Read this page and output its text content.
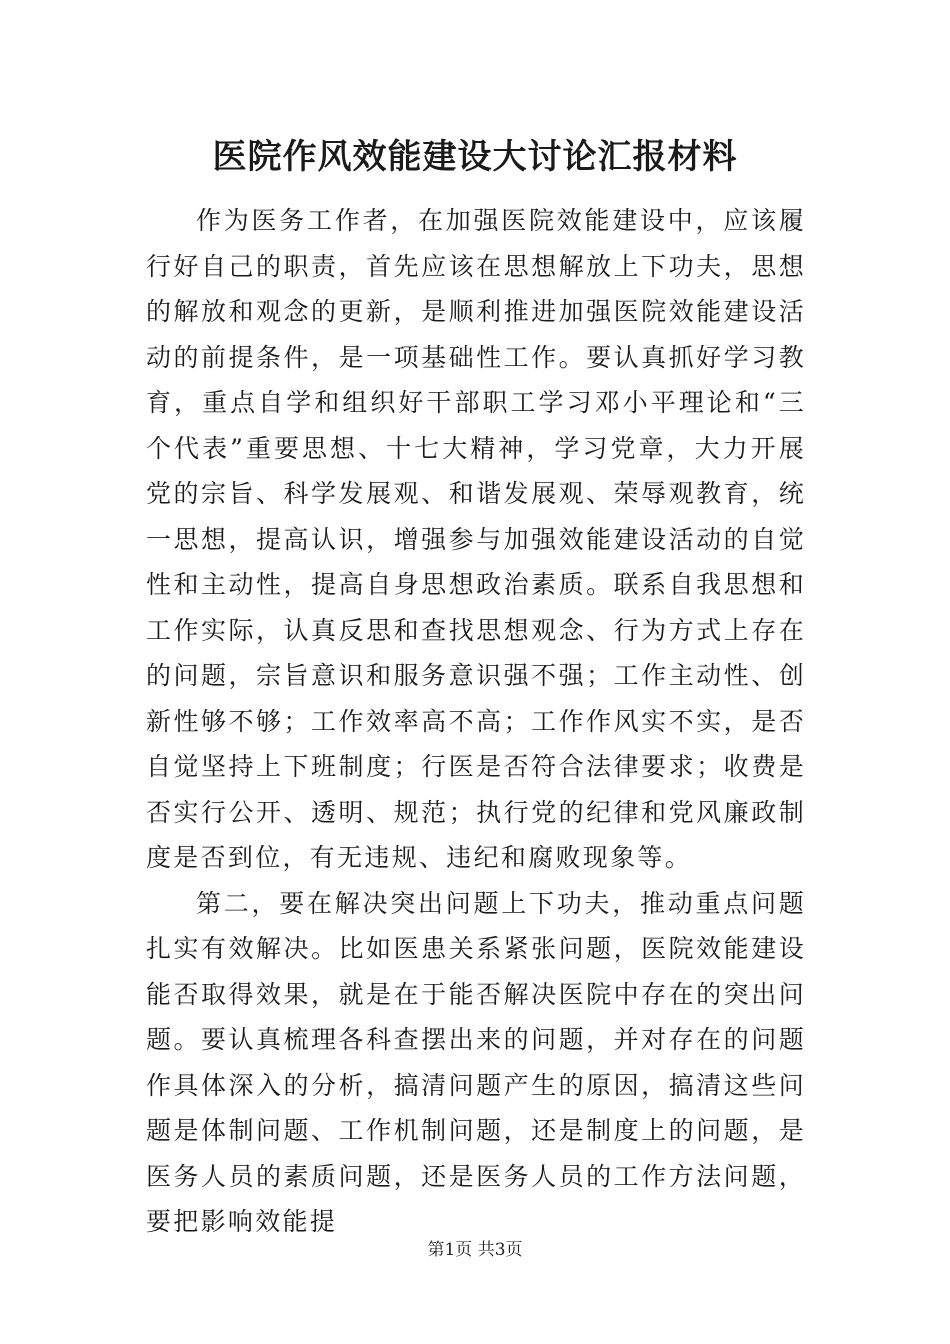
医院作风效能建设大讨论汇报材料

作为医务工作者，在加强医院效能建设中，应该履行好自己的职责，首先应该在思想解放上下功夫，思想的解放和观念的更新，是顺利推进加强医院效能建设活动的前提条件，是一项基础性工作。要认真抓好学习教育，重点自学和组织好干部职工学习邓小平理论和“三个代表”重要思想、十七大精神，学习党章，大力开展党的宗旨、科学发展观、和谐发展观、荣辱观教育，统一思想，提高认识，增强参与加强效能建设活动的自觉性和主动性，提高自身思想政治素质。联系自我思想和工作实际，认真反思和查找思想观念、行为方式上存在的问题，宗旨意识和服务意识强不强；工作主动性、创新性够不够；工作效率高不高；工作作风实不实，是否自觉坚持上下班制度；行医是否符合法律要求；收费是否实行公开、透明、规范；执行党的纪律和党风廉政制度是否到位，有无违规、违纪和腐败现象等。

第二，要在解决突出问题上下功夫，推动重点问题扎实有效解决。比如医患关系紧张问题，医院效能建设能否取得效果，就是在于能否解决医院中存在的突出问题。要认真梳理各科查摆出来的问题，并对存在的问题作具体深入的分析，搞清问题产生的原因，搞清这些问题是体制问题、工作机制问题，还是制度上的问题，是医务人员的素质问题，还是医务人员的工作方法问题，要把影响效能提

第1页 共3页
